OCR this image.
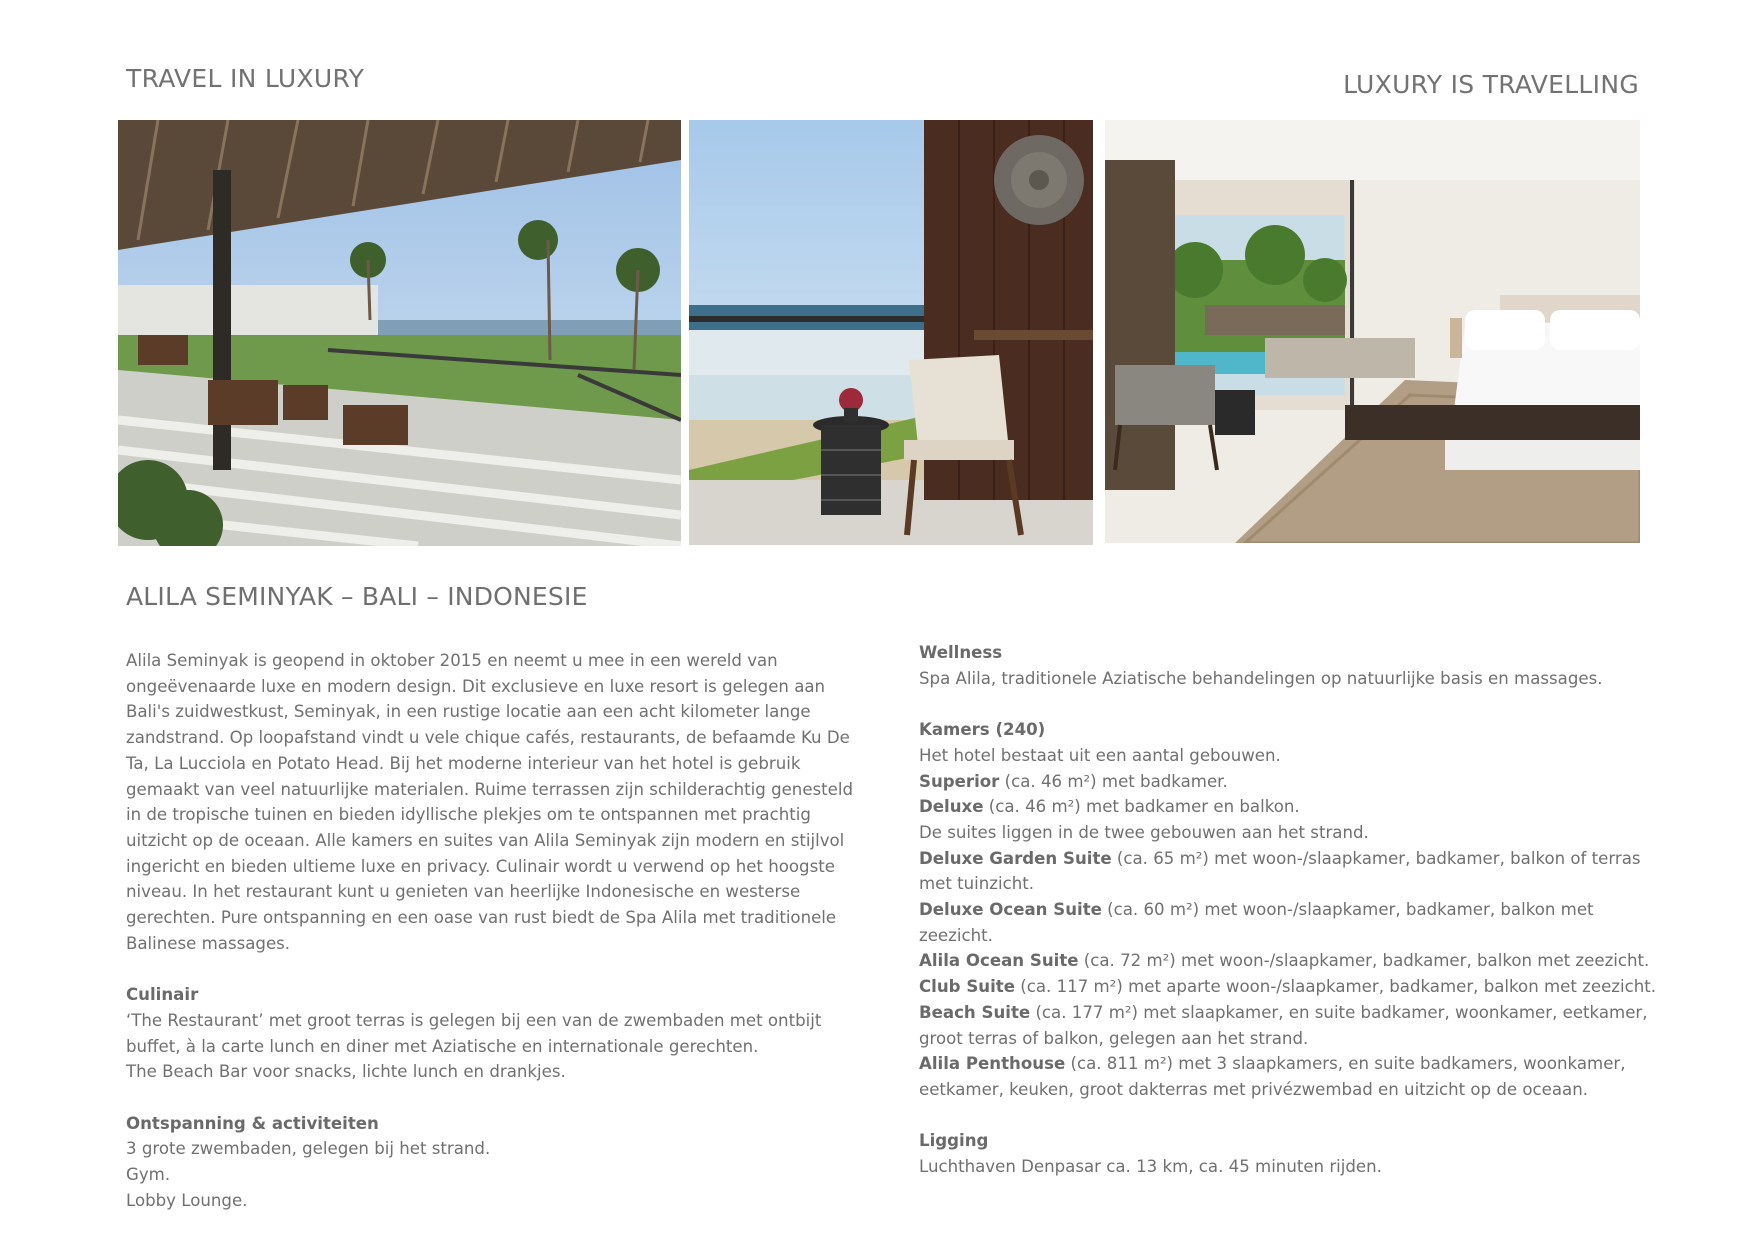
TRAVEL IN LUXURY	LUXURY IS TRAVELLING
ALILA SEMINYAK – BALI – INDONESIE
Alila Seminyak is geopend in oktober 2015 en neemt u mee in een wereld van
ongeëvenaarde luxe en modern design. Dit exclusieve en luxe resort is gelegen aan
Bali's zuidwestkust, Seminyak, in een rustige locatie aan een acht kilometer lange
zandstrand. Op loopafstand vindt u vele chique cafés, restaurants, de befaamde Ku De
Ta, La Lucciola en Potato Head. Bij het moderne interieur van het hotel is gebruik
gemaakt van veel natuurlijke materialen. Ruime terrassen zijn schilderachtig genesteld
in de tropische tuinen en bieden idyllische plekjes om te ontspannen met prachtig
uitzicht op de oceaan. Alle kamers en suites van Alila Seminyak zijn modern en stijlvol
ingericht en bieden ultieme luxe en privacy. Culinair wordt u verwend op het hoogste
niveau. In het restaurant kunt u genieten van heerlijke Indonesische en westerse
gerechten. Pure ontspanning en een oase van rust biedt de Spa Alila met traditionele
Balinese massages.
Culinair
‘The Restaurant’ met groot terras is gelegen bij een van de zwembaden met ontbijt
buffet, à la carte lunch en diner met Aziatische en internationale gerechten.
The Beach Bar voor snacks, lichte lunch en drankjes.
Ontspanning & activiteiten
3 grote zwembaden, gelegen bij het strand.
Gym.
Lobby Lounge.
Wellness
Spa Alila, traditionele Aziatische behandelingen op natuurlijke basis en massages.
Kamers (240)
Het hotel bestaat uit een aantal gebouwen.
Superior (ca. 46 m²) met badkamer.
Deluxe (ca. 46 m²) met badkamer en balkon.
De suites liggen in de twee gebouwen aan het strand.
Deluxe Garden Suite (ca. 65 m²) met woon-/slaapkamer, badkamer, balkon of terras
met tuinzicht.
Deluxe Ocean Suite (ca. 60 m²) met woon-/slaapkamer, badkamer, balkon met
zeezicht.
Alila Ocean Suite (ca. 72 m²) met woon-/slaapkamer, badkamer, balkon met zeezicht.
Club Suite (ca. 117 m²) met aparte woon-/slaapkamer, badkamer, balkon met zeezicht.
Beach Suite (ca. 177 m²) met slaapkamer, en suite badkamer, woonkamer, eetkamer,
groot terras of balkon, gelegen aan het strand.
Alila Penthouse (ca. 811 m²) met 3 slaapkamers, en suite badkamers, woonkamer,
eetkamer, keuken, groot dakterras met privézwembad en uitzicht op de oceaan.
Ligging
Luchthaven Denpasar ca. 13 km, ca. 45 minuten rijden.
